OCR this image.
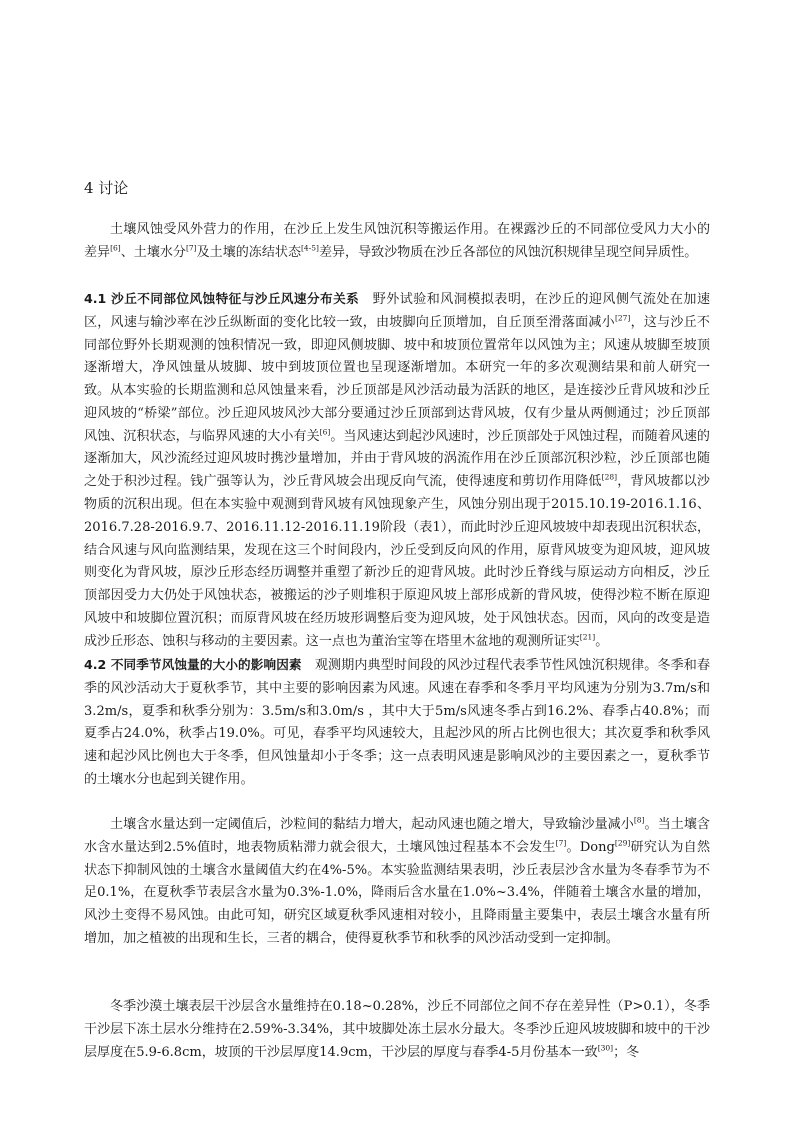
4 讨论

土壤风蚀受风外营力的作用，在沙丘上发生风蚀沉积等搬运作用。在裸露沙丘的不同部位受风力大小的差异[6]、土壤水分[7]及土壤的冻结状态[4-5]差异，导致沙物质在沙丘各部位的风蚀沉积规律呈现空间异质性。

4.1 沙丘不同部位风蚀特征与沙丘风速分布关系 野外试验和风洞模拟表明，在沙丘的迎风侧气流处在加速区，风速与输沙率在沙丘纵断面的变化比较一致，由坡脚向丘顶增加，自丘顶至滑落面减小[27]，这与沙丘不同部位野外长期观测的蚀积情况一致，即迎风侧坡脚、坡中和坡顶位置常年以风蚀为主；风速从坡脚至坡顶逐渐增大，净风蚀量从坡脚、坡中到坡顶位置也呈现逐渐增加。本研究一年的多次观测结果和前人研究一致。 从本实验的长期监测和总风蚀量来看，沙丘顶部是风沙活动最为活跃的地区，是连接沙丘背风坡和沙丘迎风坡的“桥梁”部位。沙丘迎风坡风沙大部分要通过沙丘顶部到达背风坡，仅有少量从两侧通过；沙丘顶部风蚀、沉积状态，与临界风速的大小有关[6]。当风速达到起沙风速时，沙丘顶部处于风蚀过程，而随着风速的逐渐加大，风沙流经过迎风坡时携沙量增加，并由于背风坡的涡流作用在沙丘顶部沉积沙粒，沙丘顶部也随之处于积沙过程。钱广强等认为，沙丘背风坡会出现反向气流，使得速度和剪切作用降低[28]，背风坡都以沙物质的沉积出现。但在本实验中观测到背风坡有风蚀现象产生，风蚀分别出现于2015.10.19-2016.1.16、2016.7.28-2016.9.7、2016.11.12-2016.11.19阶段（表1），而此时沙丘迎风坡坡中却表现出沉积状态，结合风速与风向监测结果，发现在这三个时间段内，沙丘受到反向风的作用，原背风坡变为迎风坡，迎风坡则变化为背风坡，原沙丘形态经历调整并重塑了新沙丘的迎背风坡。此时沙丘脊线与原运动方向相反，沙丘顶部因受力大仍处于风蚀状态，被搬运的沙子则堆积于原迎风坡上部形成新的背风坡，使得沙粒不断在原迎风坡中和坡脚位置沉积；而原背风坡在经历坡形调整后变为迎风坡，处于风蚀状态。因而，风向的改变是造成沙丘形态、蚀积与移动的主要因素。这一点也为董治宝等在塔里木盆地的观测所证实[21]。

4.2 不同季节风蚀量的大小的影响因素 观测期内典型时间段的风沙过程代表季节性风蚀沉积规律。冬季和春季的风沙活动大于夏秋季节，其中主要的影响因素为风速。风速在春季和冬季月平均风速为分别为3.7m/s和3.2m/s，夏季和秋季分别为：3.5m/s和3.0m/s ，其中大于5m/s风速冬季占到16.2%、春季占40.8%；而夏季占24.0%，秋季占19.0%。可见，春季平均风速较大，且起沙风的所占比例也很大；其次夏季和秋季风速和起沙风比例也大于冬季，但风蚀量却小于冬季；这一点表明风速是影响风沙的主要因素之一，夏秋季节的土壤水分也起到关键作用。

土壤含水量达到一定阈值后，沙粒间的黏结力增大，起动风速也随之增大，导致输沙量减小[8]。当土壤含水含水量达到2.5%值时，地表物质粘滞力就会很大，土壤风蚀过程基本不会发生[7]。Dong[29]研究认为自然状态下抑制风蚀的土壤含水量阈值大约在4%-5%。本实验监测结果表明，沙丘表层沙含水量为冬春季节为不足0.1%，在夏秋季节表层含水量为0.3%-1.0%，降雨后含水量在1.0%~3.4%，伴随着土壤含水量的增加，风沙土变得不易风蚀。由此可知，研究区域夏秋季风速相对较小，且降雨量主要集中，表层土壤含水量有所增加，加之植被的出现和生长，三者的耦合，使得夏秋季节和秋季的风沙活动受到一定抑制。

冬季沙漠土壤表层干沙层含水量维持在0.18~0.28%，沙丘不同部位之间不存在差异性（P>0.1），冬季干沙层下冻土层水分维持在2.59%-3.34%，其中坡脚处冻土层水分最大。冬季沙丘迎风坡坡脚和坡中的干沙层厚度在5.9-6.8cm，坡顶的干沙层厚度14.9cm，干沙层的厚度与春季4-5月份基本一致[30]；冬
